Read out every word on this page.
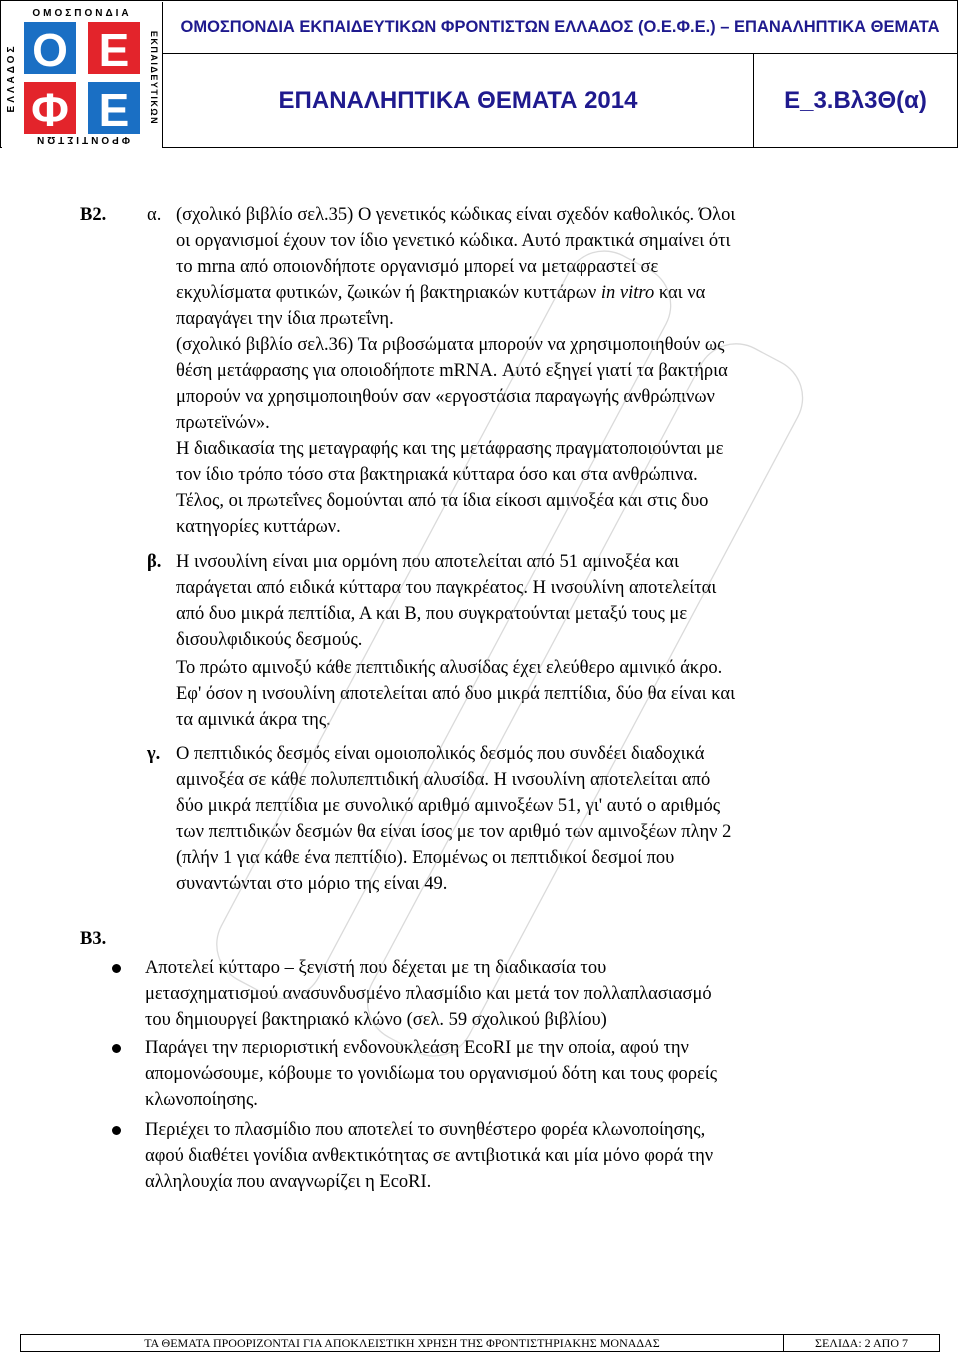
Ο Ε
Φ Ε
ΟΜΟΣΠΟΝΔΙΑ
ΦΡΟΝΤΙΣΤΩΝ
ΕΛΛΑΔΟΣ	ΕΚΠΑΙΔΕΥΤΙΚΩΝ
ΟΜΟΣΠΟΝΔΙΑ ΕΚΠΑΙΔΕΥΤΙΚΩΝ ΦΡΟΝΤΙΣΤΩΝ ΕΛΛΑΔΟΣ (Ο.Ε.Φ.Ε.) – ΕΠΑΝΑΛΗΠΤΙΚΑ ΘΕΜΑΤΑ
ΕΠΑΝΑΛΗΠΤΙΚΑ ΘΕΜΑΤΑ 2014	Ε_3.Βλ3Θ(α)
Β2. α. (σχολικό βιβλίο σελ.35) Ο γενετικός κώδικας είναι σχεδόν καθολικός. Όλοι
οι οργανισμοί έχουν τον ίδιο γενετικό κώδικα. Αυτό πρακτικά σημαίνει ότι
το mrna από οποιονδήποτε οργανισμό μπορεί να μεταφραστεί σε
εκχυλίσματα φυτικών, ζωικών ή βακτηριακών κυττάρων in vitro και να
παραγάγει την ίδια πρωτεΐνη.
(σχολικό βιβλίο σελ.36) Τα ριβοσώματα μπορούν να χρησιμοποιηθούν ως
θέση μετάφρασης για οποιοδήποτε mRNA. Αυτό εξηγεί γιατί τα βακτήρια
μπορούν να χρησιμοποιηθούν σαν «εργοστάσια παραγωγής ανθρώπινων
πρωτεϊνών».
Η διαδικασία της μεταγραφής και της μετάφρασης πραγματοποιούνται με
τον ίδιο τρόπο τόσο στα βακτηριακά κύτταρα όσο και στα ανθρώπινα.
Τέλος, οι πρωτεΐνες δομούνται από τα ίδια είκοσι αμινοξέα και στις δυο
κατηγορίες κυττάρων.
β. Η ινσουλίνη είναι μια ορμόνη που αποτελείται από 51 αμινοξέα και
παράγεται από ειδικά κύτταρα του παγκρέατος. Η ινσουλίνη αποτελείται
από δυο μικρά πεπτίδια, Α και Β, που συγκρατούνται μεταξύ τους με
δισουλφιδικούς δεσμούς.
Το πρώτο αμινοξύ κάθε πεπτιδικής αλυσίδας έχει ελεύθερο αμινικό άκρο.
Εφ' όσον η ινσουλίνη αποτελείται από δυο μικρά πεπτίδια, δύο θα είναι και
τα αμινικά άκρα της.
γ. Ο πεπτιδικός δεσμός είναι ομοιοπολικός δεσμός που συνδέει διαδοχικά
αμινοξέα σε κάθε πολυπεπτιδική αλυσίδα. Η ινσουλίνη αποτελείται από
δύο μικρά πεπτίδια με συνολικό αριθμό αμινοξέων 51, γι' αυτό ο αριθμός
των πεπτιδικών δεσμών θα είναι ίσος με τον αριθμό των αμινοξέων πλην 2
(πλήν 1 για κάθε ένα πεπτίδιο). Επομένως οι πεπτιδικοί δεσμοί που
συναντώνται στο μόριο της είναι 49.
Β3.
Αποτελεί κύτταρο – ξενιστή που δέχεται με τη διαδικασία του
μετασχηματισμού ανασυνδυσμένο πλασμίδιο και μετά τον πολλαπλασιασμό
του δημιουργεί βακτηριακό κλώνο (σελ. 59 σχολικού βιβλίου)
Παράγει την περιοριστική ενδονουκλεάση EcoRI με την οποία, αφού την
απομονώσουμε, κόβουμε το γονιδίωμα του οργανισμού δότη και τους φορείς
κλωνοποίησης.
Περιέχει το πλασμίδιο που αποτελεί το συνηθέστερο φορέα κλωνοποίησης,
αφού διαθέτει γονίδια ανθεκτικότητας σε αντιβιοτικά και μία μόνο φορά την
αλληλουχία που αναγνωρίζει η EcoRI.
ΤΑ ΘΕΜΑΤΑ ΠΡΟΟΡΙΖΟΝΤΑΙ ΓΙΑ ΑΠΟΚΛΕΙΣΤΙΚΗ ΧΡΗΣΗ ΤΗΣ ΦΡΟΝΤΙΣΤΗΡΙΑΚΗΣ ΜΟΝΑΔΑΣ	ΣΕΛΙΔΑ: 2 ΑΠΟ 7
